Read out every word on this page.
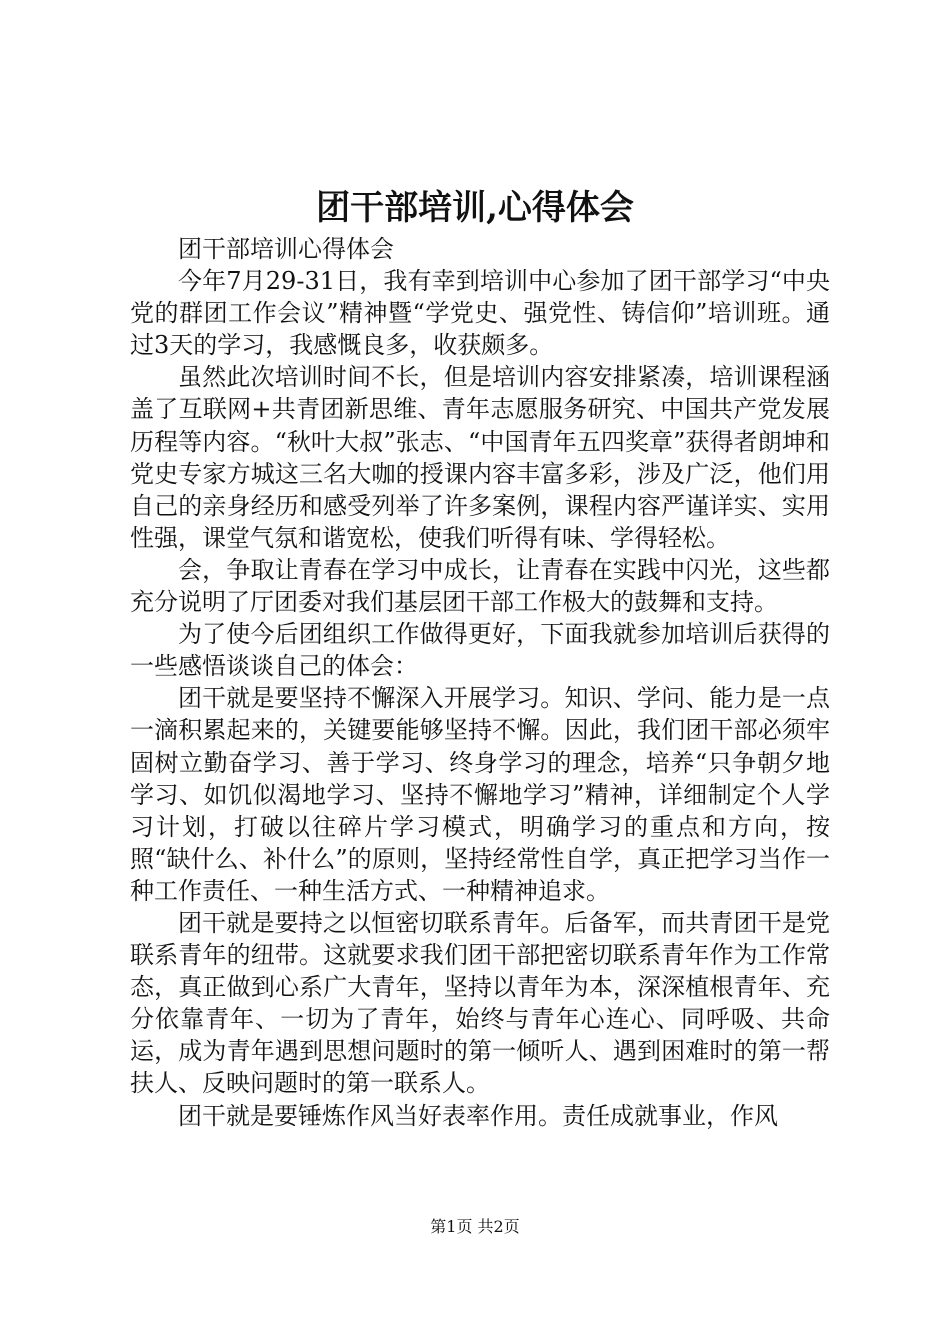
团干部培训,心得体会

团干部培训心得体会

今年7月29-31日，我有幸到培训中心参加了团干部学习“中央党的群团工作会议”精神暨“学党史、强党性、铸信仰”培训班。通过3天的学习，我感慨良多，收获颇多。

虽然此次培训时间不长，但是培训内容安排紧凑，培训课程涵盖了互联网+共青团新思维、青年志愿服务研究、中国共产党发展历程等内容。“秋叶大叔”张志、“中国青年五四奖章”获得者朗坤和党史专家方城这三名大咖的授课内容丰富多彩，涉及广泛，他们用自己的亲身经历和感受列举了许多案例，课程内容严谨详实、实用性强，课堂气氛和谐宽松，使我们听得有味、学得轻松。

会，争取让青春在学习中成长，让青春在实践中闪光，这些都充分说明了厅团委对我们基层团干部工作极大的鼓舞和支持。

为了使今后团组织工作做得更好，下面我就参加培训后获得的一些感悟谈谈自己的体会：

团干就是要坚持不懈深入开展学习。知识、学问、能力是一点一滴积累起来的，关键要能够坚持不懈。因此，我们团干部必须牢固树立勤奋学习、善于学习、终身学习的理念，培养“只争朝夕地学习、如饥似渴地学习、坚持不懈地学习”精神，详细制定个人学习计划，打破以往碎片学习模式，明确学习的重点和方向，按照“缺什么、补什么”的原则，坚持经常性自学，真正把学习当作一种工作责任、一种生活方式、一种精神追求。

团干就是要持之以恒密切联系青年。后备军，而共青团干是党联系青年的纽带。这就要求我们团干部把密切联系青年作为工作常态，真正做到心系广大青年，坚持以青年为本，深深植根青年、充分依靠青年、一切为了青年，始终与青年心连心、同呼吸、共命运，成为青年遇到思想问题时的第一倾听人、遇到困难时的第一帮扶人、反映问题时的第一联系人。

团干就是要锤炼作风当好表率作用。责任成就事业，作风

第1页 共2页
